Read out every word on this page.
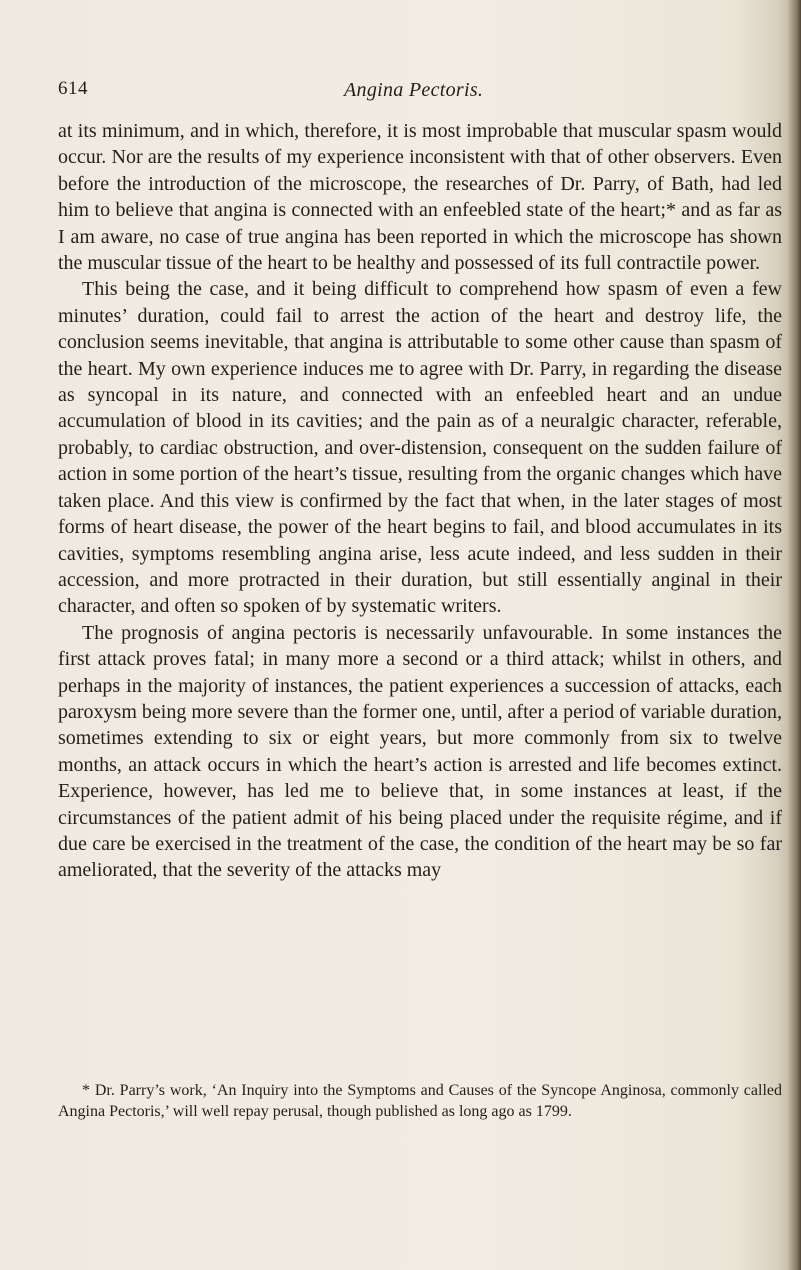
614	Angina Pectoris.

at its minimum, and in which, therefore, it is most improbable that muscular spasm would occur. Nor are the results of my experience inconsistent with that of other observers. Even before the introduction of the microscope, the researches of Dr. Parry, of Bath, had led him to believe that angina is connected with an enfeebled state of the heart;* and as far as I am aware, no case of true angina has been reported in which the microscope has shown the muscular tissue of the heart to be healthy and possessed of its full contractile power.

This being the case, and it being difficult to comprehend how spasm of even a few minutes’ duration, could fail to arrest the action of the heart and destroy life, the conclusion seems inevitable, that angina is attributable to some other cause than spasm of the heart. My own experience induces me to agree with Dr. Parry, in regarding the disease as syncopal in its nature, and connected with an enfeebled heart and an undue accumulation of blood in its cavities; and the pain as of a neuralgic character, referable, probably, to cardiac obstruction, and over-distension, consequent on the sudden failure of action in some portion of the heart’s tissue, resulting from the organic changes which have taken place. And this view is confirmed by the fact that when, in the later stages of most forms of heart disease, the power of the heart begins to fail, and blood accumulates in its cavities, symptoms resembling angina arise, less acute indeed, and less sudden in their accession, and more protracted in their duration, but still essentially anginal in their character, and often so spoken of by systematic writers.

The prognosis of angina pectoris is necessarily unfavourable. In some instances the first attack proves fatal; in many more a second or a third attack; whilst in others, and perhaps in the majority of instances, the patient experiences a succession of attacks, each paroxysm being more severe than the former one, until, after a period of variable duration, sometimes extending to six or eight years, but more commonly from six to twelve months, an attack occurs in which the heart’s action is arrested and life becomes extinct. Experience, however, has led me to believe that, in some instances at least, if the circumstances of the patient admit of his being placed under the requisite régime, and if due care be exercised in the treatment of the case, the condition of the heart may be so far ameliorated, that the severity of the attacks may

* Dr. Parry’s work, ‘An Inquiry into the Symptoms and Causes of the Syncope Anginosa, commonly called Angina Pectoris,’ will well repay perusal, though published as long ago as 1799.
